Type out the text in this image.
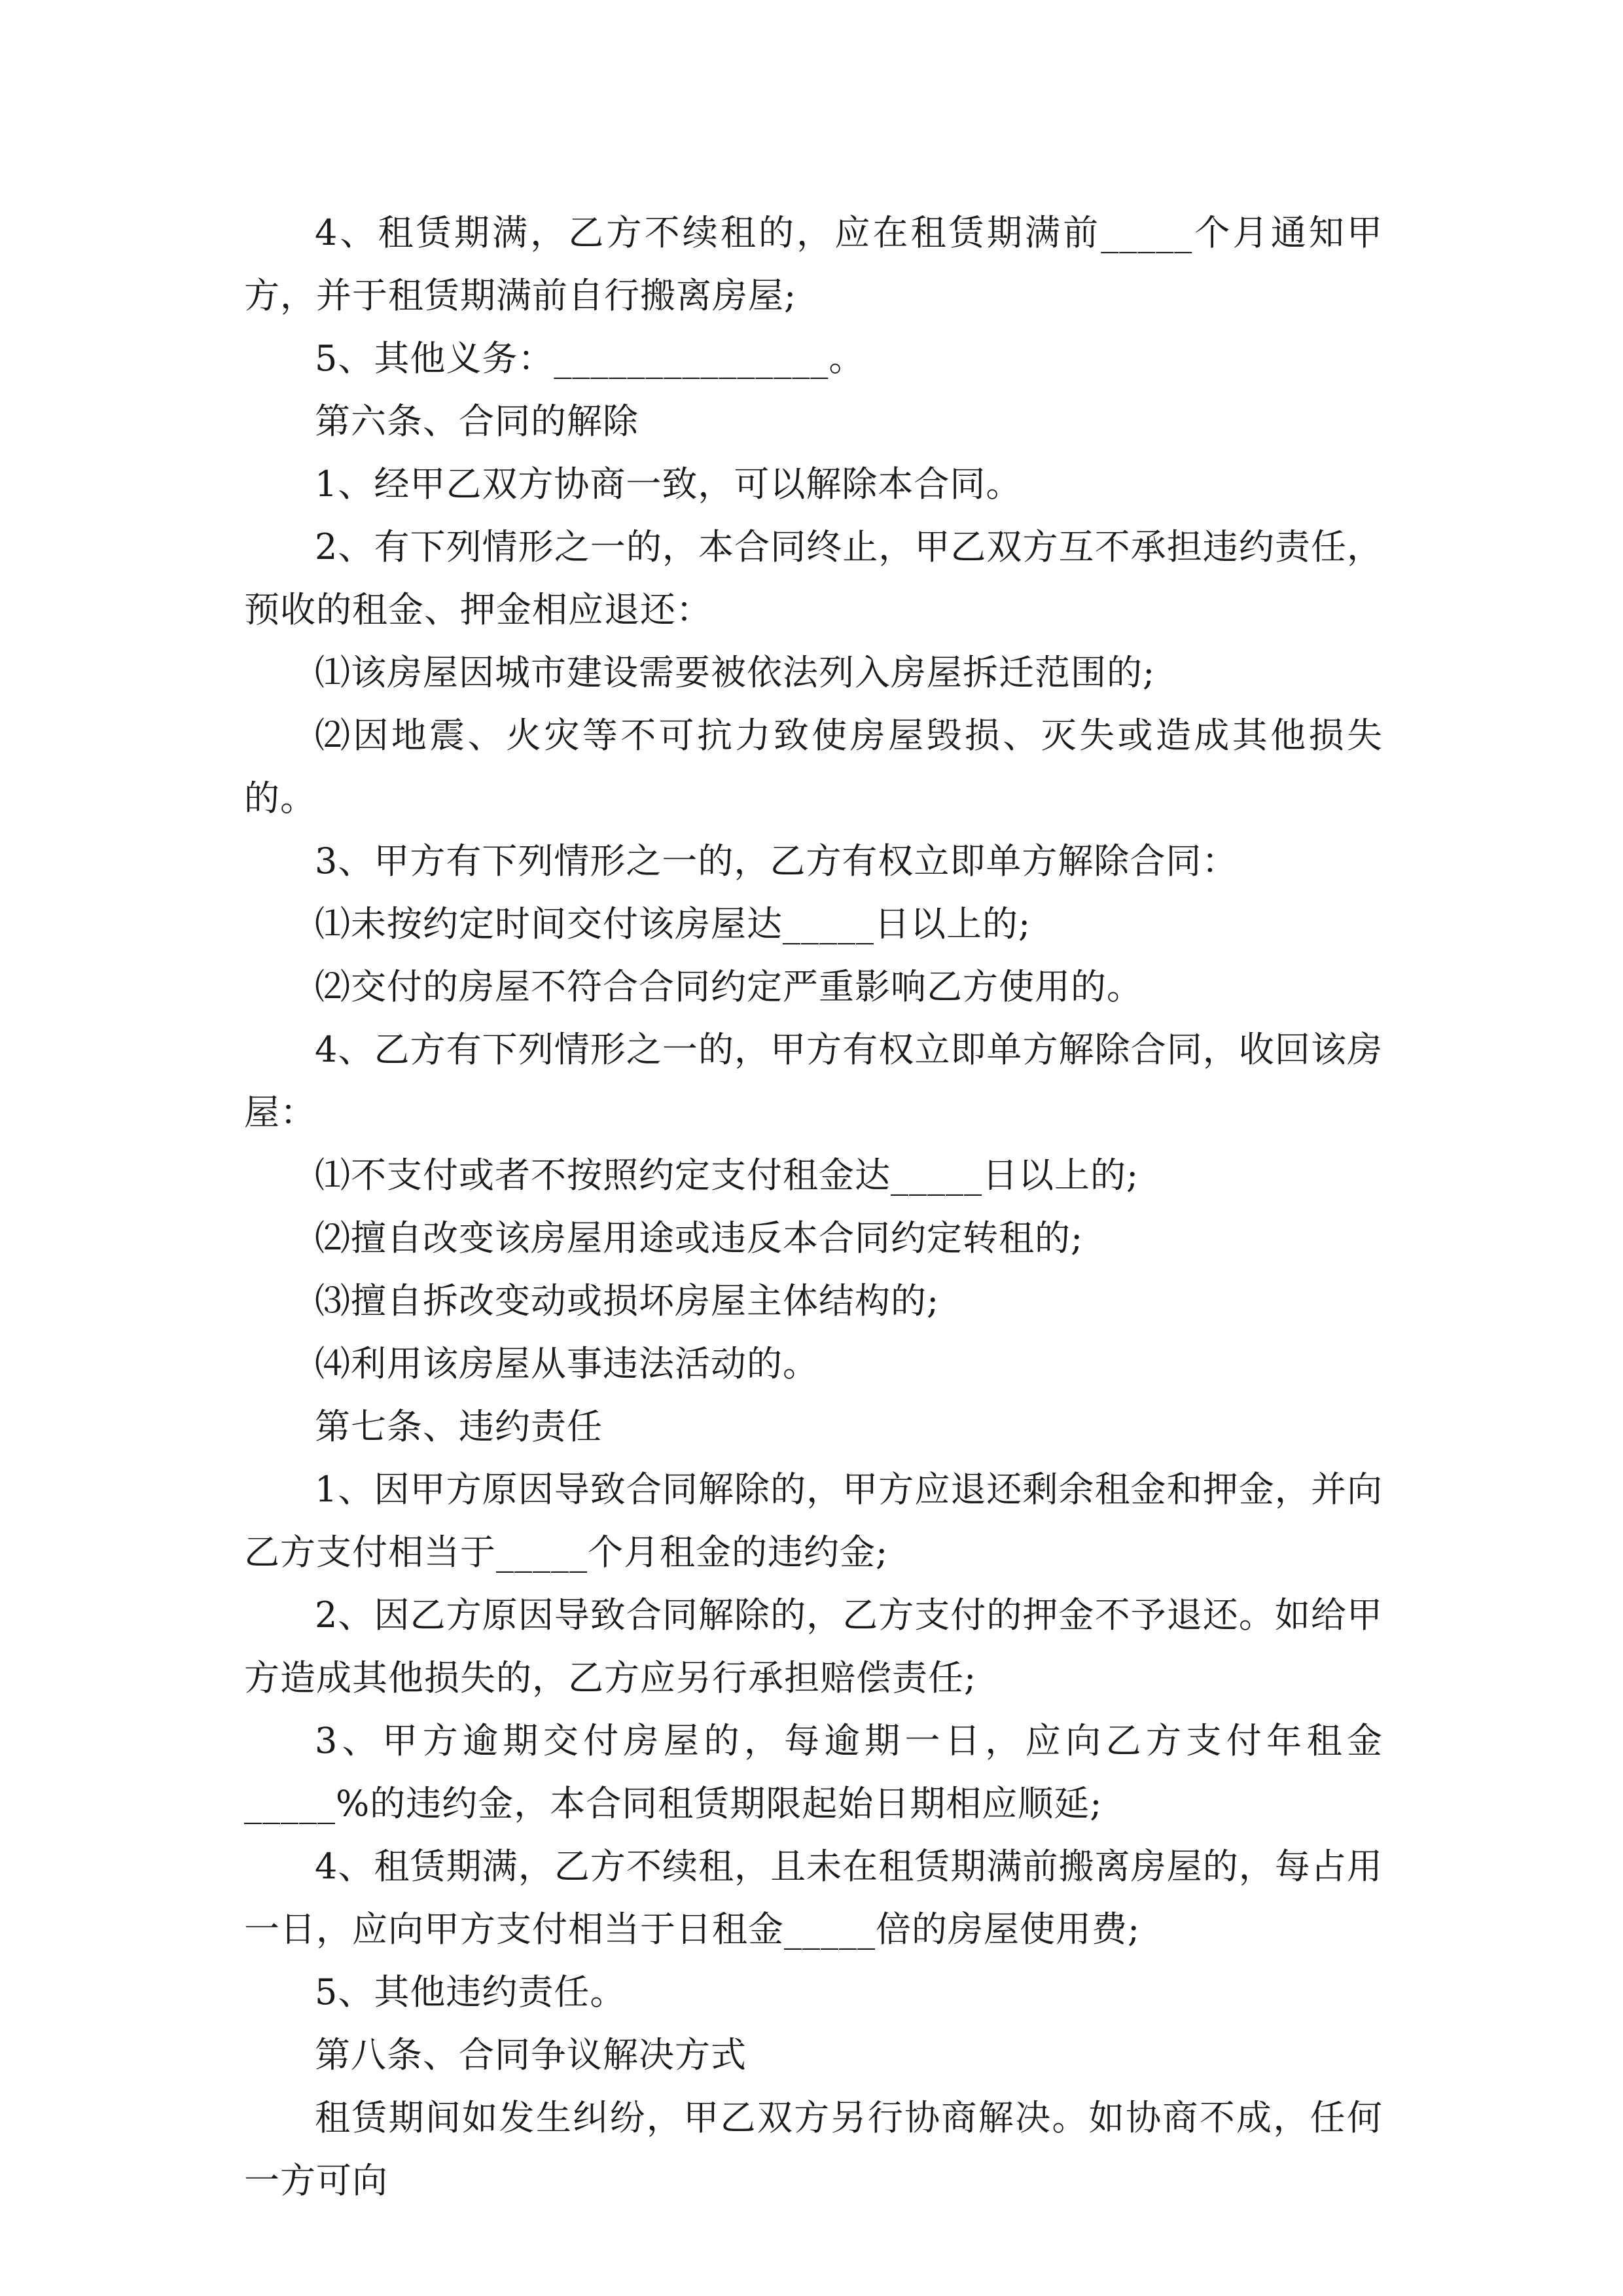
4、租赁期满，乙方不续租的，应在租赁期满前_____个月通知甲方，并于租赁期满前自行搬离房屋;

5、其他义务：_______________。

第六条、合同的解除

1、经甲乙双方协商一致，可以解除本合同。

2、有下列情形之一的，本合同终止，甲乙双方互不承担违约责任，预收的租金、押金相应退还：

⑴该房屋因城市建设需要被依法列入房屋拆迁范围的;

⑵因地震、火灾等不可抗力致使房屋毁损、灭失或造成其他损失的。

3、甲方有下列情形之一的，乙方有权立即单方解除合同：

⑴未按约定时间交付该房屋达_____日以上的;

⑵交付的房屋不符合合同约定严重影响乙方使用的。

4、乙方有下列情形之一的，甲方有权立即单方解除合同，收回该房屋：

⑴不支付或者不按照约定支付租金达_____日以上的;

⑵擅自改变该房屋用途或违反本合同约定转租的;

⑶擅自拆改变动或损坏房屋主体结构的;

⑷利用该房屋从事违法活动的。

第七条、违约责任

1、因甲方原因导致合同解除的，甲方应退还剩余租金和押金，并向乙方支付相当于_____个月租金的违约金;

2、因乙方原因导致合同解除的，乙方支付的押金不予退还。如给甲方造成其他损失的，乙方应另行承担赔偿责任;

3、甲方逾期交付房屋的，每逾期一日，应向乙方支付年租金_____%的违约金，本合同租赁期限起始日期相应顺延;

4、租赁期满，乙方不续租，且未在租赁期满前搬离房屋的，每占用一日，应向甲方支付相当于日租金_____倍的房屋使用费;

5、其他违约责任。

第八条、合同争议解决方式

租赁期间如发生纠纷，甲乙双方另行协商解决。如协商不成，任何一方可向
